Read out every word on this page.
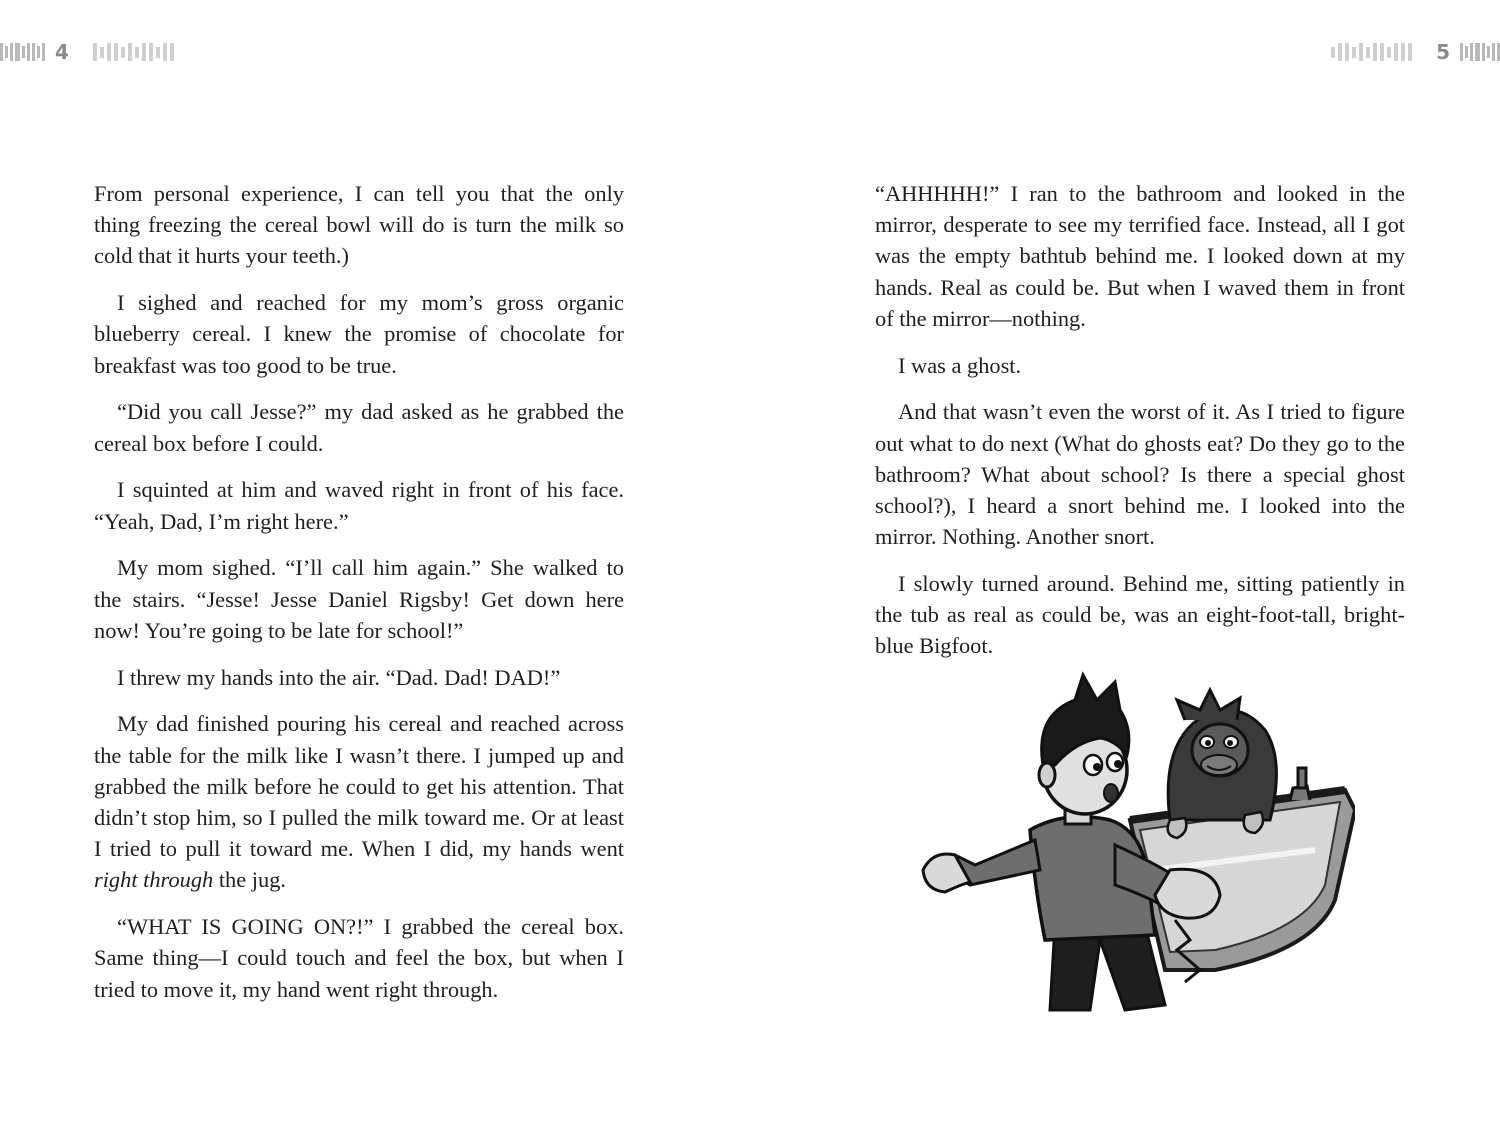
4	5

From personal experience, I can tell you that the only thing freezing the cereal bowl will do is turn the milk so cold that it hurts your teeth.)

I sighed and reached for my mom’s gross organic blueberry cereal. I knew the promise of chocolate for breakfast was too good to be true.

“Did you call Jesse?” my dad asked as he grabbed the cereal box before I could.

I squinted at him and waved right in front of his face. “Yeah, Dad, I’m right here.”

My mom sighed. “I’ll call him again.” She walked to the stairs. “Jesse! Jesse Daniel Rigsby! Get down here now! You’re going to be late for school!”

I threw my hands into the air. “Dad. Dad! DAD!”

My dad finished pouring his cereal and reached across the table for the milk like I wasn’t there. I jumped up and grabbed the milk before he could to get his attention. That didn’t stop him, so I pulled the milk toward me. Or at least I tried to pull it toward me. When I did, my hands went right through the jug.

“WHAT IS GOING ON?!” I grabbed the cereal box. Same thing—I could touch and feel the box, but when I tried to move it, my hand went right through.

“AHHHHH!” I ran to the bathroom and looked in the mirror, desperate to see my terrified face. Instead, all I got was the empty bathtub behind me. I looked down at my hands. Real as could be. But when I waved them in front of the mirror—nothing.

I was a ghost.

And that wasn’t even the worst of it. As I tried to figure out what to do next (What do ghosts eat? Do they go to the bathroom? What about school? Is there a special ghost school?), I heard a snort behind me. I looked into the mirror. Nothing. Another snort.

I slowly turned around. Behind me, sitting patiently in the tub as real as could be, was an eight-foot-tall, bright-blue Bigfoot.
